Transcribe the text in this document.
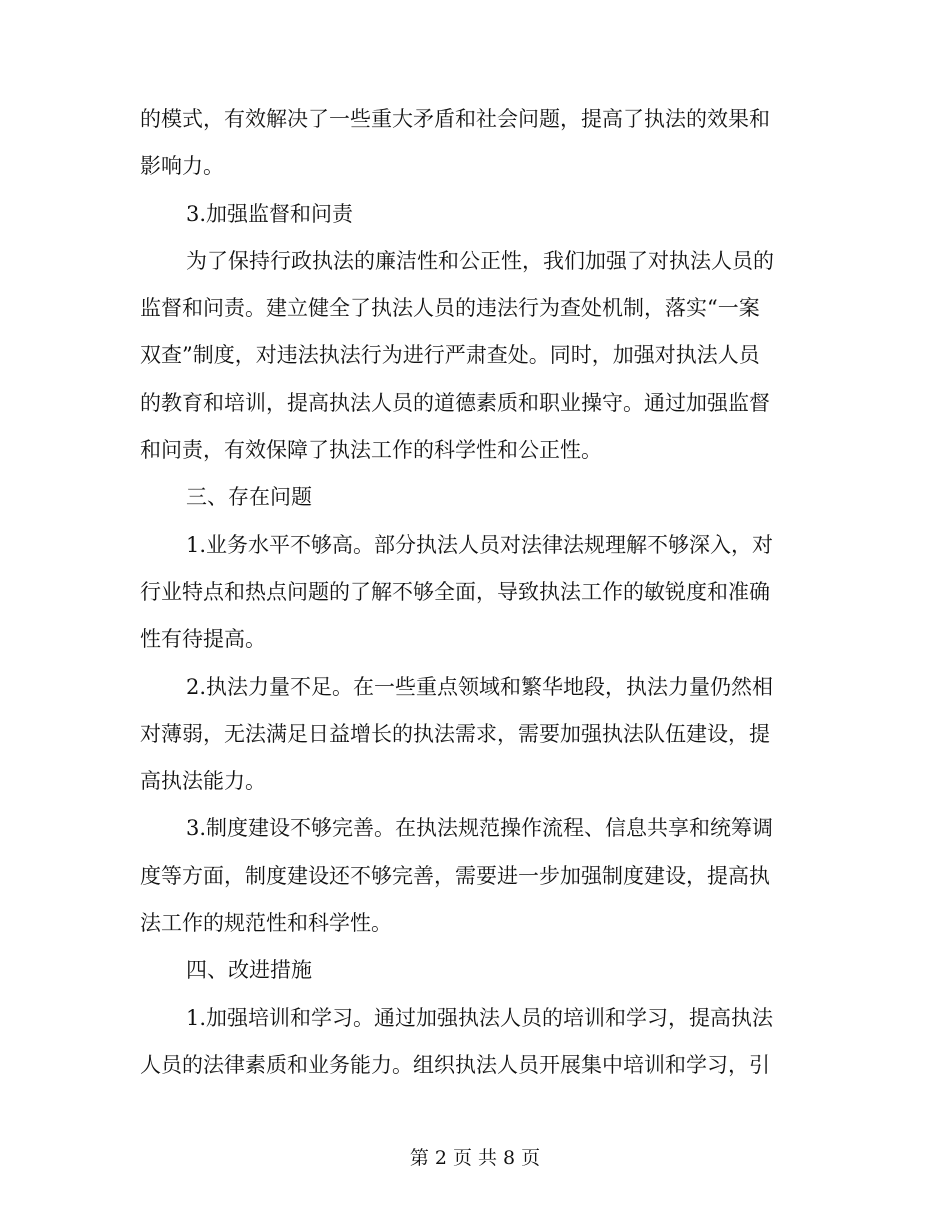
的模式，有效解决了一些重大矛盾和社会问题，提高了执法的效果和
影响力。
3.加强监督和问责
为了保持行政执法的廉洁性和公正性，我们加强了对执法人员的
监督和问责。建立健全了执法人员的违法行为查处机制，落实“一案
双查”制度，对违法执法行为进行严肃查处。同时，加强对执法人员
的教育和培训，提高执法人员的道德素质和职业操守。通过加强监督
和问责，有效保障了执法工作的科学性和公正性。
三、存在问题
1.业务水平不够高。部分执法人员对法律法规理解不够深入，对
行业特点和热点问题的了解不够全面，导致执法工作的敏锐度和准确
性有待提高。
2.执法力量不足。在一些重点领域和繁华地段，执法力量仍然相
对薄弱，无法满足日益增长的执法需求，需要加强执法队伍建设，提
高执法能力。
3.制度建设不够完善。在执法规范操作流程、信息共享和统筹调
度等方面，制度建设还不够完善，需要进一步加强制度建设，提高执
法工作的规范性和科学性。
四、改进措施
1.加强培训和学习。通过加强执法人员的培训和学习，提高执法
人员的法律素质和业务能力。组织执法人员开展集中培训和学习，引
第 2 页 共 8 页
